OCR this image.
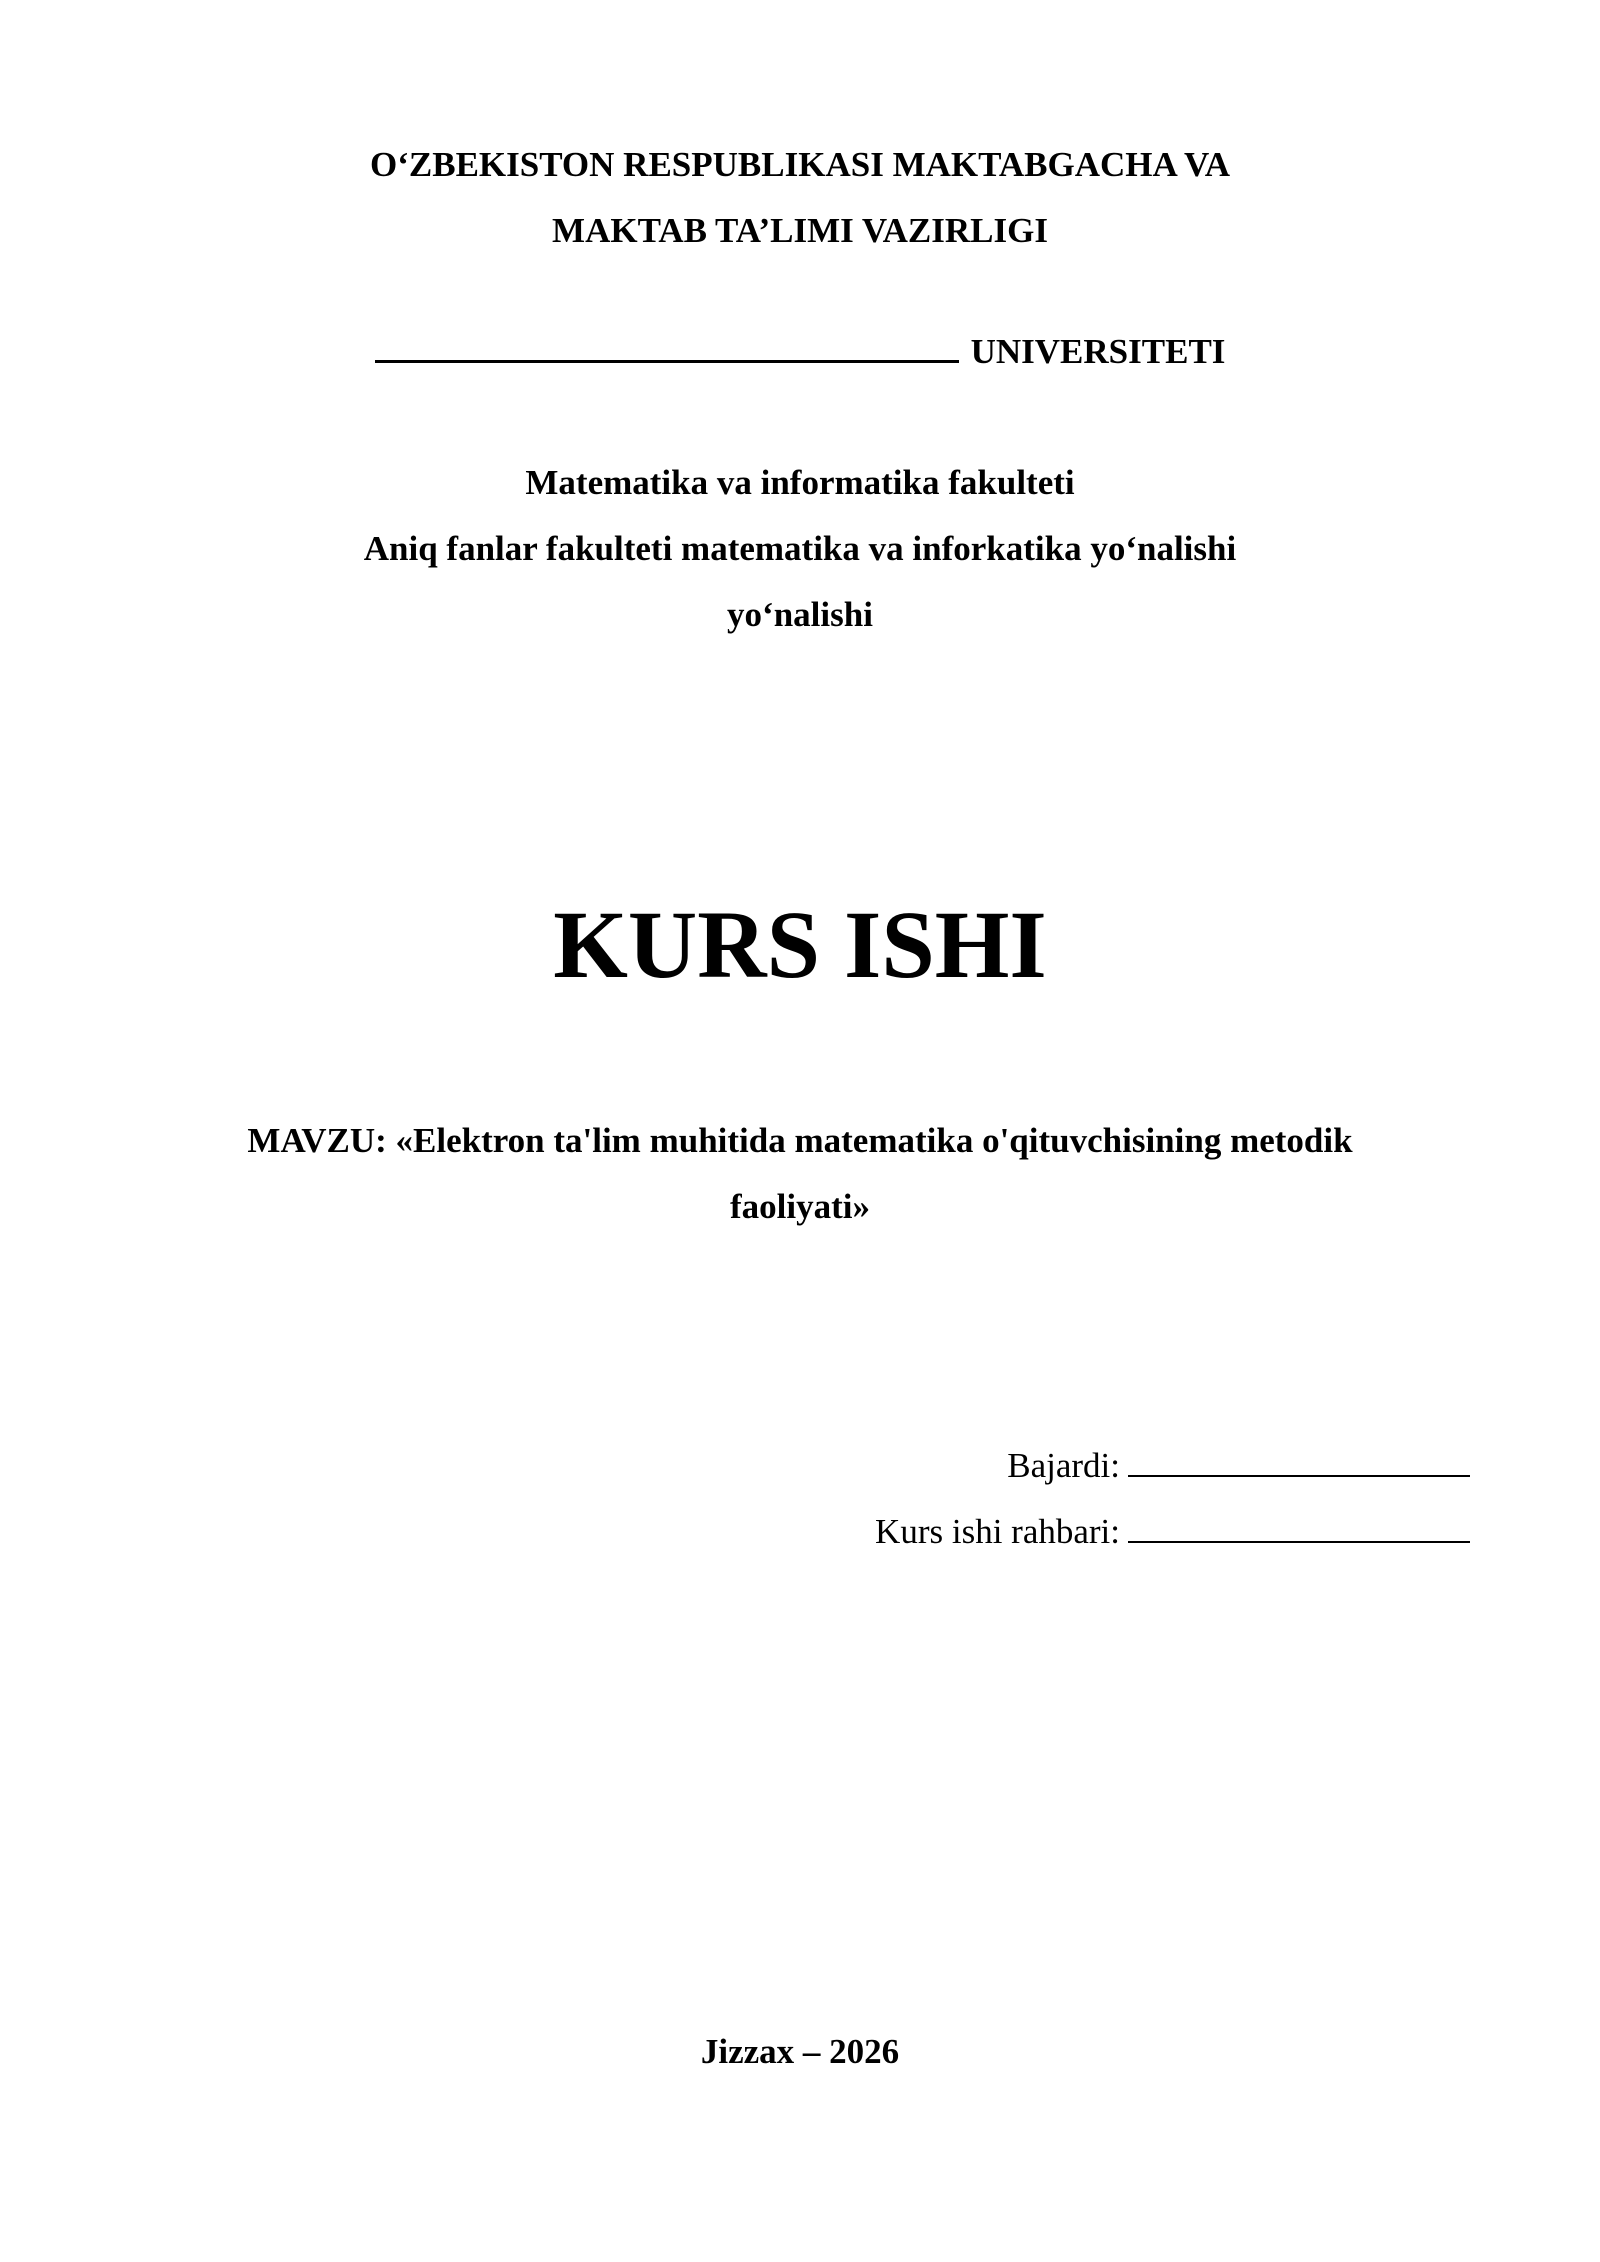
O‘ZBEKISTON RESPUBLIKASI MAKTABGACHA VA
MAKTAB TA’LIMI VAZIRLIGI
UNIVERSITETI
Matematika va informatika fakulteti
Aniq fanlar fakulteti matematika va inforkatika yo‘nalishi
yo‘nalishi
KURS ISHI
MAVZU: «Elektron ta'lim muhitida matematika o'qituvchisining metodik
faoliyati»
Bajardi:
Kurs ishi rahbari:
Jizzax – 2026
